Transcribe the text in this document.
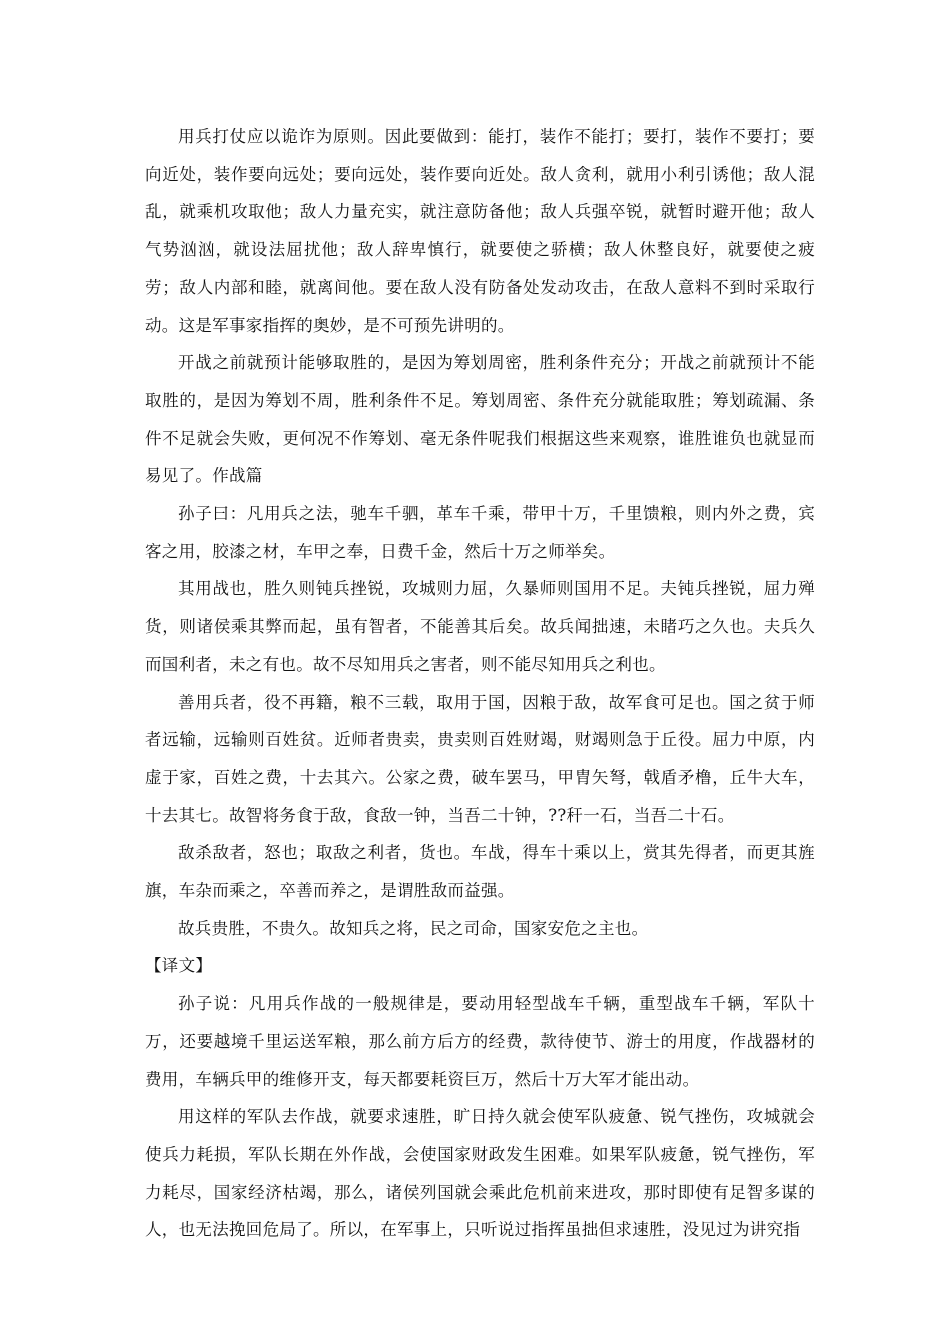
用兵打仗应以诡诈为原则。因此要做到：能打，装作不能打；要打，装作不要打；要向近处，装作要向远处；要向远处，装作要向近处。敌人贪利，就用小利引诱他；敌人混乱，就乘机攻取他；敌人力量充实，就注意防备他；敌人兵强卒锐，就暂时避开他；敌人气势汹汹，就设法屈扰他；敌人辞卑慎行，就要使之骄横；敌人休整良好，就要使之疲劳；敌人内部和睦，就离间他。要在敌人没有防备处发动攻击，在敌人意料不到时采取行动。这是军事家指挥的奥妙，是不可预先讲明的。

开战之前就预计能够取胜的，是因为筹划周密，胜利条件充分；开战之前就预计不能取胜的，是因为筹划不周，胜利条件不足。筹划周密、条件充分就能取胜；筹划疏漏、条件不足就会失败，更何况不作筹划、毫无条件呢我们根据这些来观察，谁胜谁负也就显而易见了。作战篇

孙子曰：凡用兵之法，驰车千驷，革车千乘，带甲十万，千里馈粮，则内外之费，宾客之用，胶漆之材，车甲之奉，日费千金，然后十万之师举矣。

其用战也，胜久则钝兵挫锐，攻城则力屈，久暴师则国用不足。夫钝兵挫锐，屈力殚货，则诸侯乘其弊而起，虽有智者，不能善其后矣。故兵闻拙速，未睹巧之久也。夫兵久而国利者，未之有也。故不尽知用兵之害者，则不能尽知用兵之利也。

善用兵者，役不再籍，粮不三载，取用于国，因粮于敌，故军食可足也。国之贫于师者远输，远输则百姓贫。近师者贵卖，贵卖则百姓财竭，财竭则急于丘役。屈力中原，内虚于家，百姓之费，十去其六。公家之费，破车罢马，甲胄矢弩，戟盾矛橹，丘牛大车，十去其七。故智将务食于敌，食敌一钟，当吾二十钟，??秆一石，当吾二十石。

敌杀敌者，怒也；取敌之利者，货也。车战，得车十乘以上，赏其先得者，而更其旌旗，车杂而乘之，卒善而养之，是谓胜敌而益强。

故兵贵胜，不贵久。故知兵之将，民之司命，国家安危之主也。

【译文】

孙子说：凡用兵作战的一般规律是，要动用轻型战车千辆，重型战车千辆，军队十万，还要越境千里运送军粮，那么前方后方的经费，款待使节、游士的用度，作战器材的费用，车辆兵甲的维修开支，每天都要耗资巨万，然后十万大军才能出动。

用这样的军队去作战，就要求速胜，旷日持久就会使军队疲惫、锐气挫伤，攻城就会使兵力耗损，军队长期在外作战，会使国家财政发生困难。如果军队疲惫，锐气挫伤，军力耗尽，国家经济枯竭，那么，诸侯列国就会乘此危机前来进攻，那时即使有足智多谋的人，也无法挽回危局了。所以，在军事上，只听说过指挥虽拙但求速胜，没见过为讲究指
